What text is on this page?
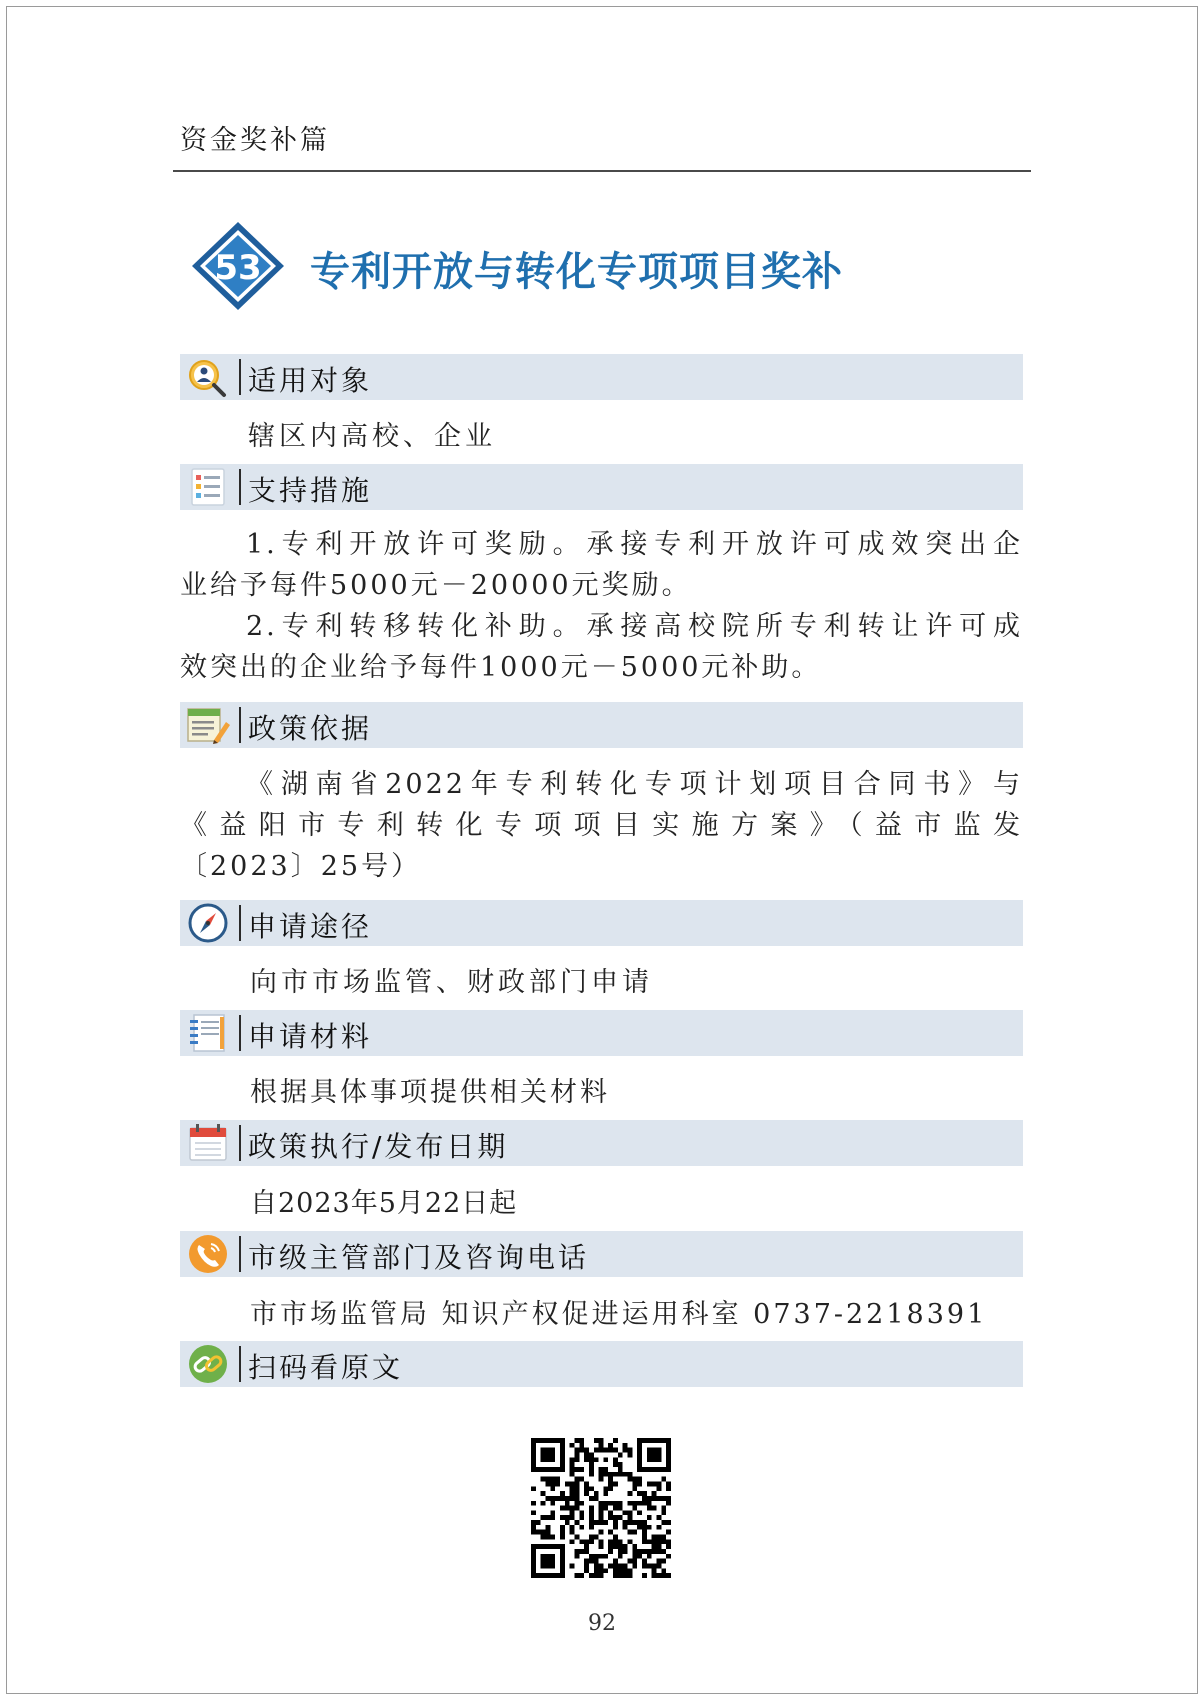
资金奖补篇
53 专利开放与转化专项项目奖补
适用对象
辖区内高校、企业
支持措施
1.专利开放许可奖励。承接专利开放许可成效突出企
业给予每件5000元－20000元奖励。
2.专利转移转化补助。承接高校院所专利转让许可成
效突出的企业给予每件1000元－5000元补助。
政策依据
《湖南省2022年专利转化专项计划项目合同书》与
《益阳市专利转化专项项目实施方案》（益市监发
〔2023〕25号）
申请途径
向市市场监管、财政部门申请
申请材料
根据具体事项提供相关材料
政策执行/发布日期
自2023年5月22日起
市级主管部门及咨询电话
市市场监管局 知识产权促进运用科室 0737-2218391
扫码看原文
92
